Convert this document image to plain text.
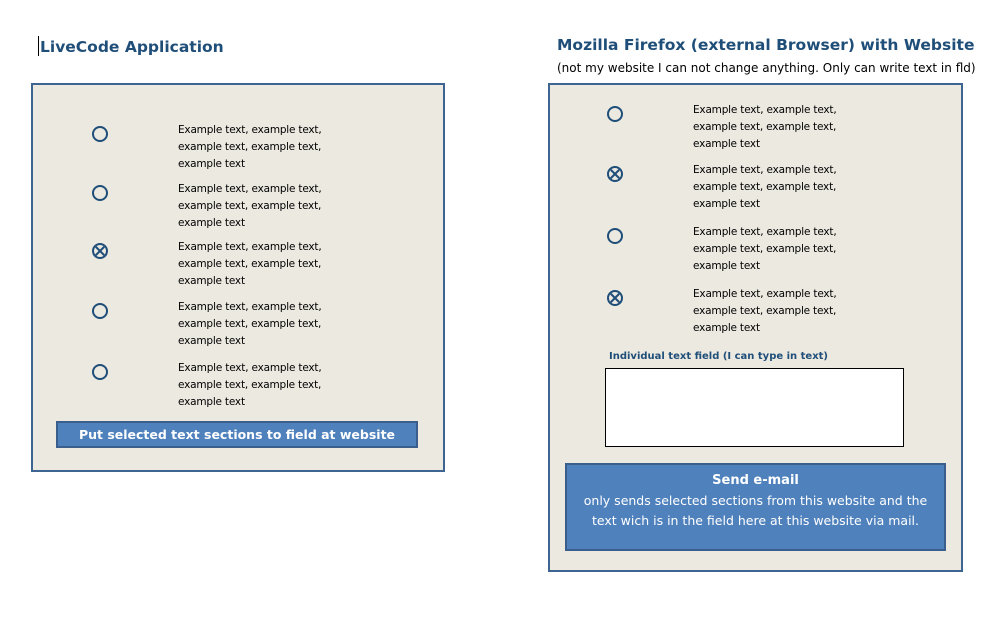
LiveCode Application
Example text, example text, example text, example text, example text
Example text, example text, example text, example text, example text
Example text, example text, example text, example text, example text
Example text, example text, example text, example text, example text
Example text, example text, example text, example text, example text
Put selected text sections to field at website
Mozilla Firefox (external Browser) with Website

(not my website I can not change anything. Only can write text in fld)

Example text, example text, example text, example text, example text
Example text, example text, example text, example text, example text
Example text, example text, example text, example text, example text
Example text, example text, example text, example text, example text
Individual text field (I can type in text)
Send e-mail
only sends selected sections from this website and the text wich is in the field here at this website via mail.
